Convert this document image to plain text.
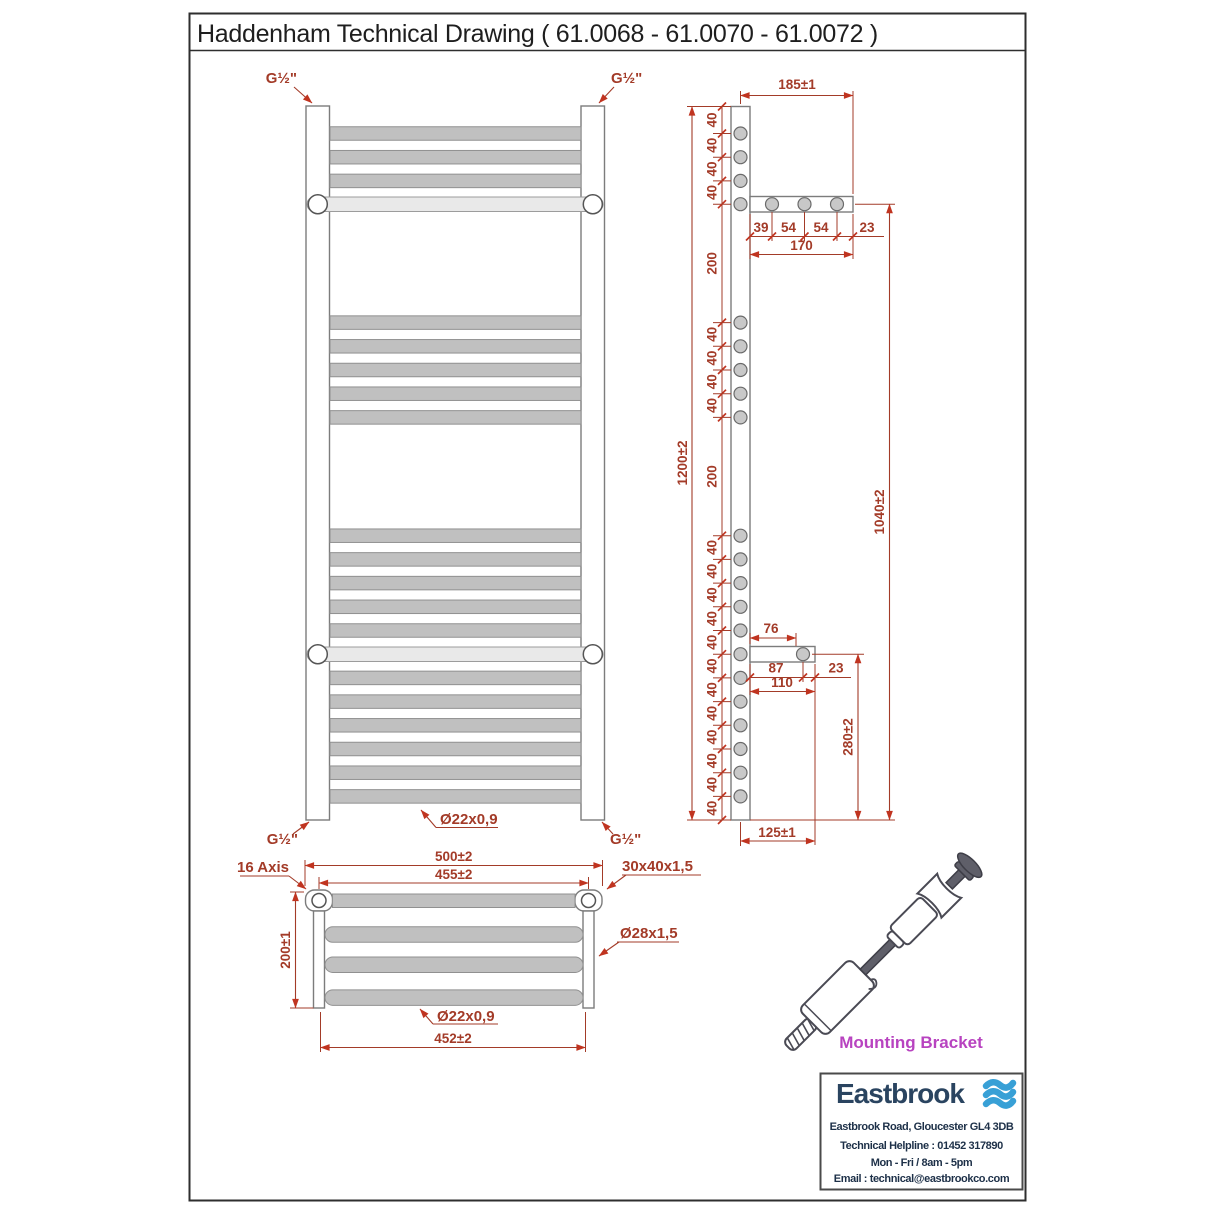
Haddenham Technical Drawing ( 61.0068 - 61.0070 - 61.0072 )
G½"	G½"
G½"	G½"
Ø22x0,9
40
40
40
40
40
40
40
40
40
40
40
40
40
40
40
40
40
40
40
40
200
200
1200±2
185±1
39 54 54 23
170
1040±2
76
87	23
110
280±2
125±1
500±2
455±2
200±1
452±2
16 Axis	30x40x1,5
Ø28x1,5
Ø22x0,9
Mounting Bracket
Eastbrook
Eastbrook Road, Gloucester GL4 3DB
Technical Helpline : 01452 317890
Mon - Fri / 8am - 5pm
Email : technical@eastbrookco.com
